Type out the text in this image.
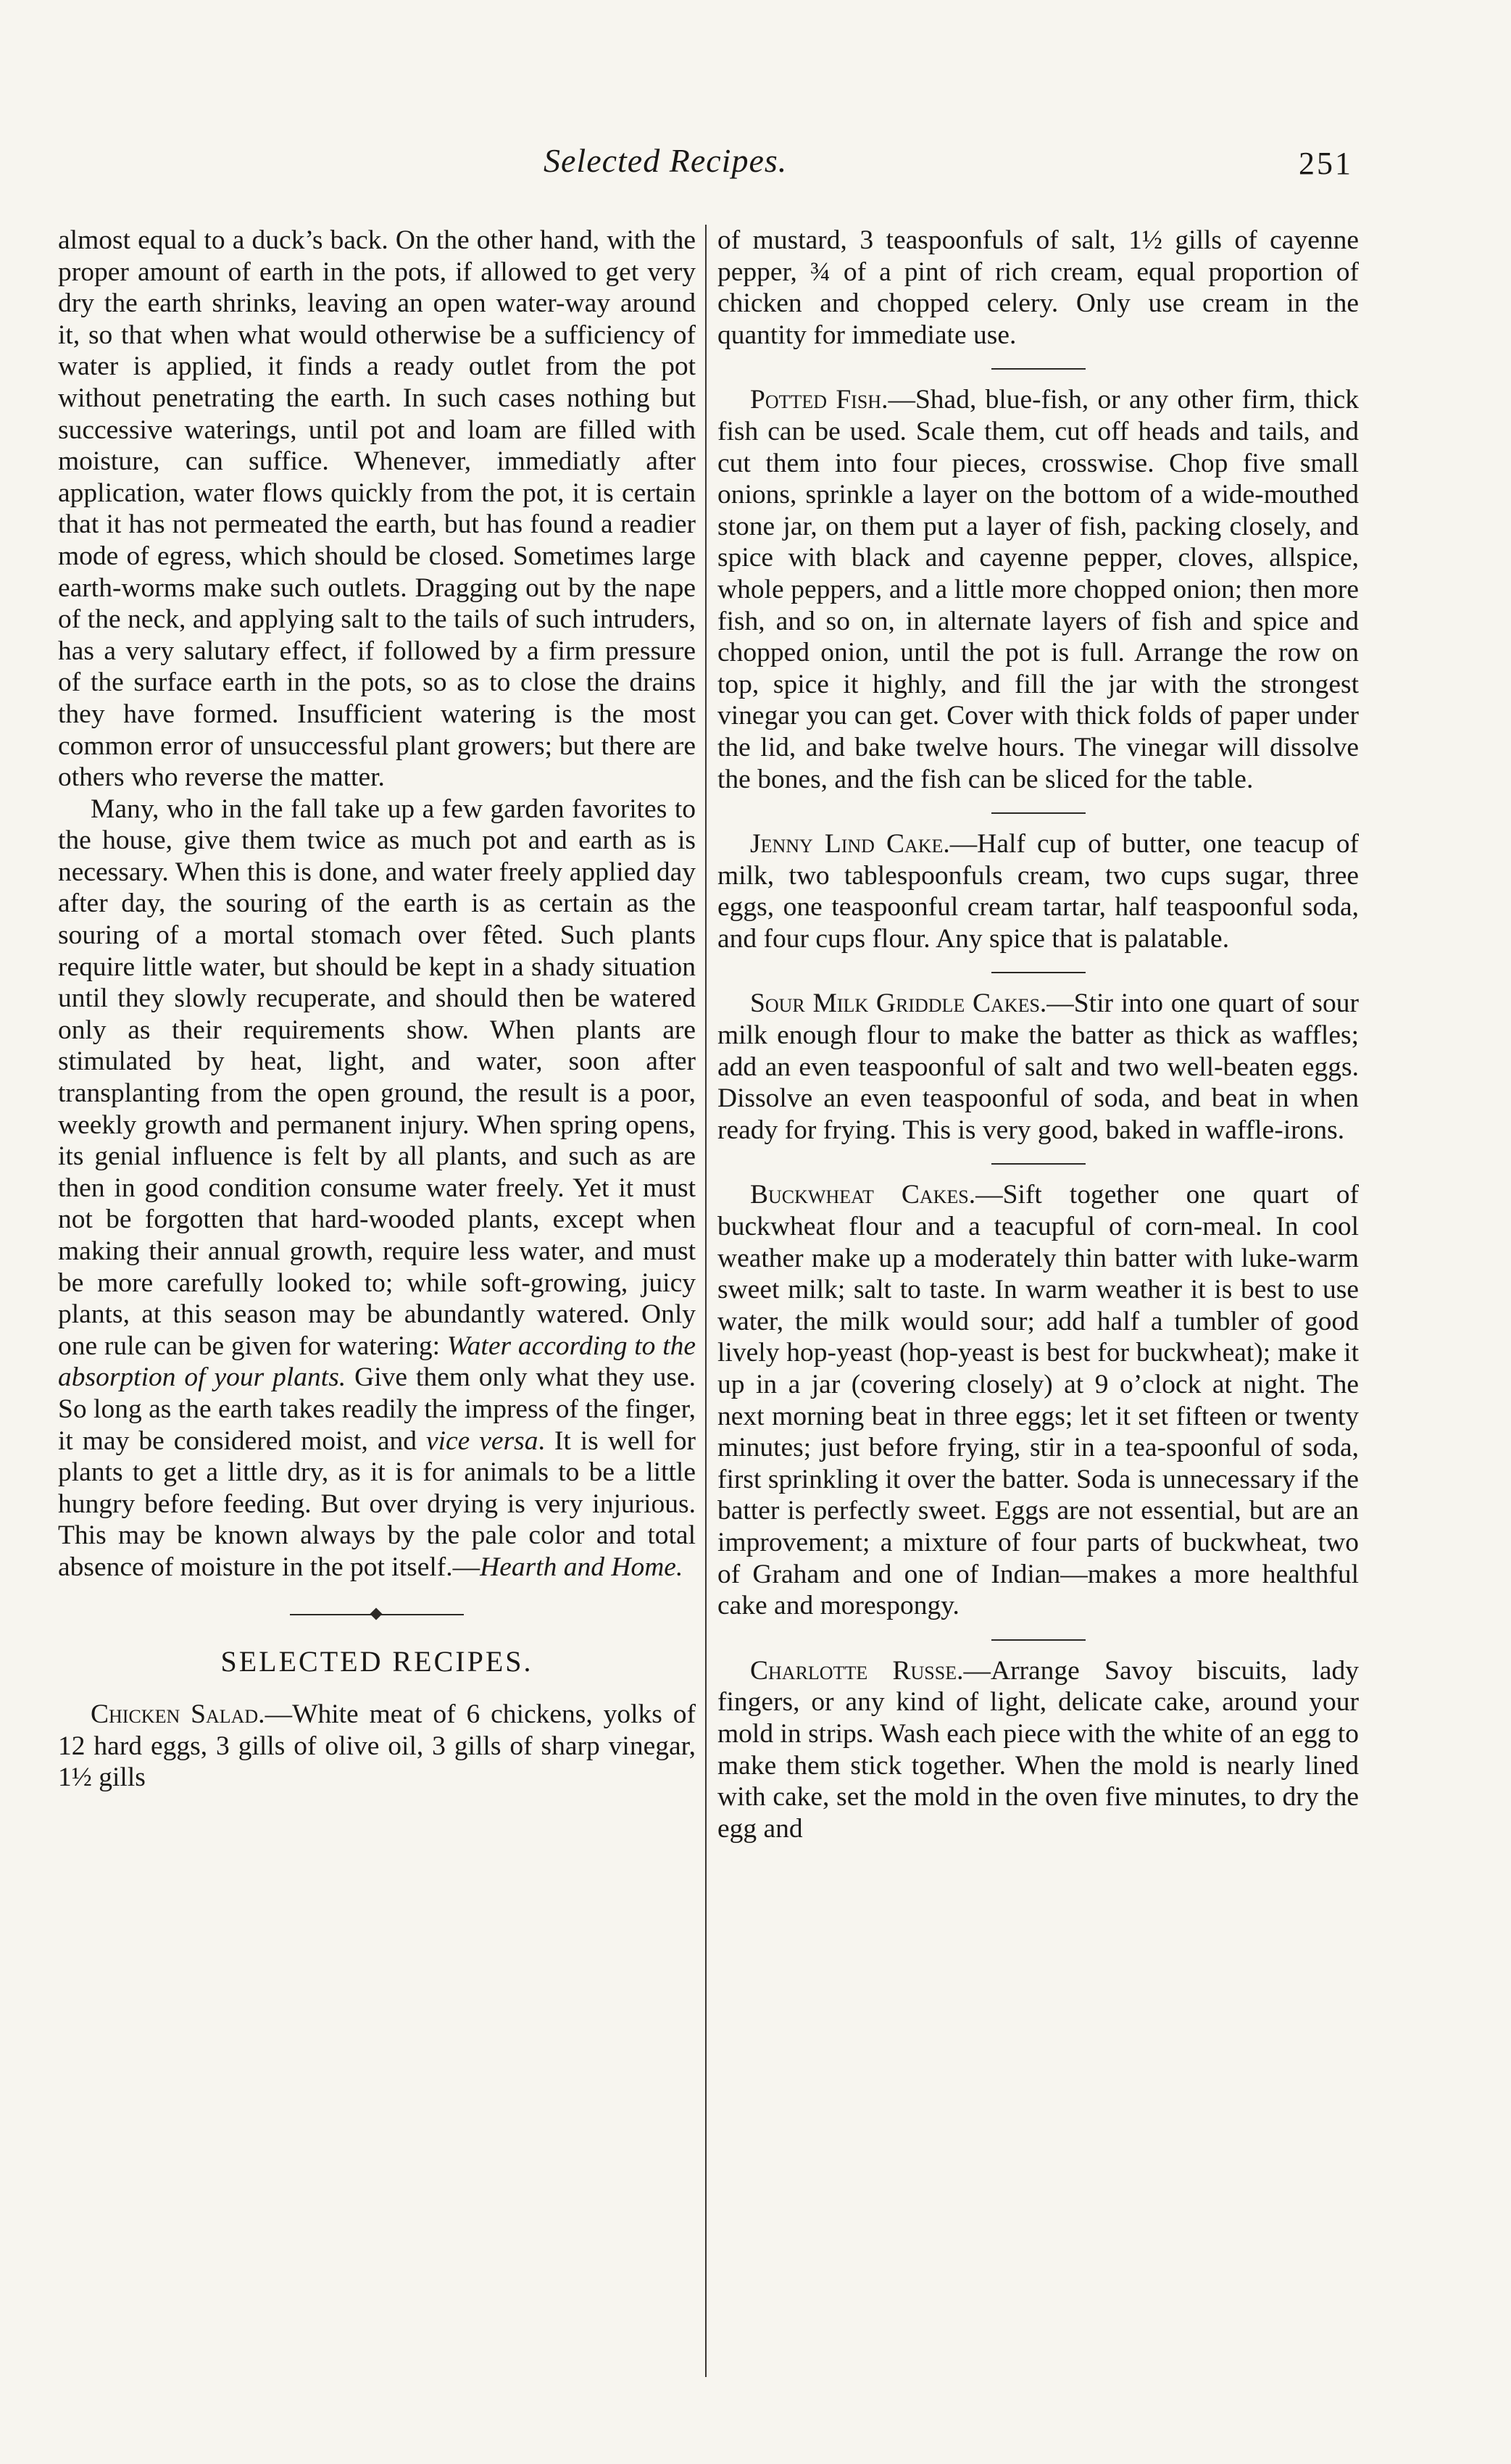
Selected Recipes.	251

almost equal to a duck’s back. On the other hand, with the proper amount of earth in the pots, if allowed to get very dry the earth shrinks, leaving an open water-way around it, so that when what would otherwise be a sufficiency of water is applied, it finds a ready outlet from the pot without penetrating the earth. In such cases nothing but successive waterings, until pot and loam are filled with moisture, can suffice. Whenever, immediatly after application, water flows quickly from the pot, it is certain that it has not permeated the earth, but has found a readier mode of egress, which should be closed. Sometimes large earth-worms make such outlets. Dragging out by the nape of the neck, and applying salt to the tails of such intruders, has a very salutary effect, if followed by a firm pressure of the surface earth in the pots, so as to close the drains they have formed. Insufficient watering is the most common error of unsuccessful plant growers; but there are others who reverse the matter.

Many, who in the fall take up a few garden favorites to the house, give them twice as much pot and earth as is necessary. When this is done, and water freely applied day after day, the souring of the earth is as certain as the souring of a mortal stomach over fêted. Such plants require little water, but should be kept in a shady situation until they slowly recuperate, and should then be watered only as their requirements show. When plants are stimulated by heat, light, and water, soon after transplanting from the open ground, the result is a poor, weekly growth and permanent injury. When spring opens, its genial influence is felt by all plants, and such as are then in good condition consume water freely. Yet it must not be forgotten that hard-wooded plants, except when making their annual growth, require less water, and must be more carefully looked to; while soft-growing, juicy plants, at this season may be abundantly watered. Only one rule can be given for watering: Water according to the absorption of your plants. Give them only what they use. So long as the earth takes readily the impress of the finger, it may be considered moist, and vice versa. It is well for plants to get a little dry, as it is for animals to be a little hungry before feeding. But over drying is very injurious. This may be known always by the pale color and total absence of moisture in the pot itself.—Hearth and Home.

SELECTED RECIPES.

Chicken Salad.—White meat of 6 chickens, yolks of 12 hard eggs, 3 gills of olive oil, 3 gills of sharp vinegar, 1½ gills

of mustard, 3 teaspoonfuls of salt, 1½ gills of cayenne pepper, ¾ of a pint of rich cream, equal proportion of chicken and chopped celery. Only use cream in the quantity for immediate use.

Potted Fish.—Shad, blue-fish, or any other firm, thick fish can be used. Scale them, cut off heads and tails, and cut them into four pieces, crosswise. Chop five small onions, sprinkle a layer on the bottom of a wide-mouthed stone jar, on them put a layer of fish, packing closely, and spice with black and cayenne pepper, cloves, allspice, whole peppers, and a little more chopped onion; then more fish, and so on, in alternate layers of fish and spice and chopped onion, until the pot is full. Arrange the row on top, spice it highly, and fill the jar with the strongest vinegar you can get. Cover with thick folds of paper under the lid, and bake twelve hours. The vinegar will dissolve the bones, and the fish can be sliced for the table.

Jenny Lind Cake.—Half cup of butter, one teacup of milk, two tablespoonfuls cream, two cups sugar, three eggs, one teaspoonful cream tartar, half teaspoonful soda, and four cups flour. Any spice that is palatable.

Sour Milk Griddle Cakes.—Stir into one quart of sour milk enough flour to make the batter as thick as waffles; add an even teaspoonful of salt and two well-beaten eggs. Dissolve an even teaspoonful of soda, and beat in when ready for frying. This is very good, baked in waffle-irons.

Buckwheat Cakes.—Sift together one quart of buckwheat flour and a teacupful of corn-meal. In cool weather make up a moderately thin batter with luke-warm sweet milk; salt to taste. In warm weather it is best to use water, the milk would sour; add half a tumbler of good lively hop-yeast (hop-yeast is best for buckwheat); make it up in a jar (covering closely) at 9 o’clock at night. The next morning beat in three eggs; let it set fifteen or twenty minutes; just before frying, stir in a tea-spoonful of soda, first sprinkling it over the batter. Soda is unnecessary if the batter is perfectly sweet. Eggs are not essential, but are an improvement; a mixture of four parts of buckwheat, two of Graham and one of Indian—makes a more healthful cake and morespongy.

Charlotte Russe.—Arrange Savoy biscuits, lady fingers, or any kind of light, delicate cake, around your mold in strips. Wash each piece with the white of an egg to make them stick together. When the mold is nearly lined with cake, set the mold in the oven five minutes, to dry the egg and
